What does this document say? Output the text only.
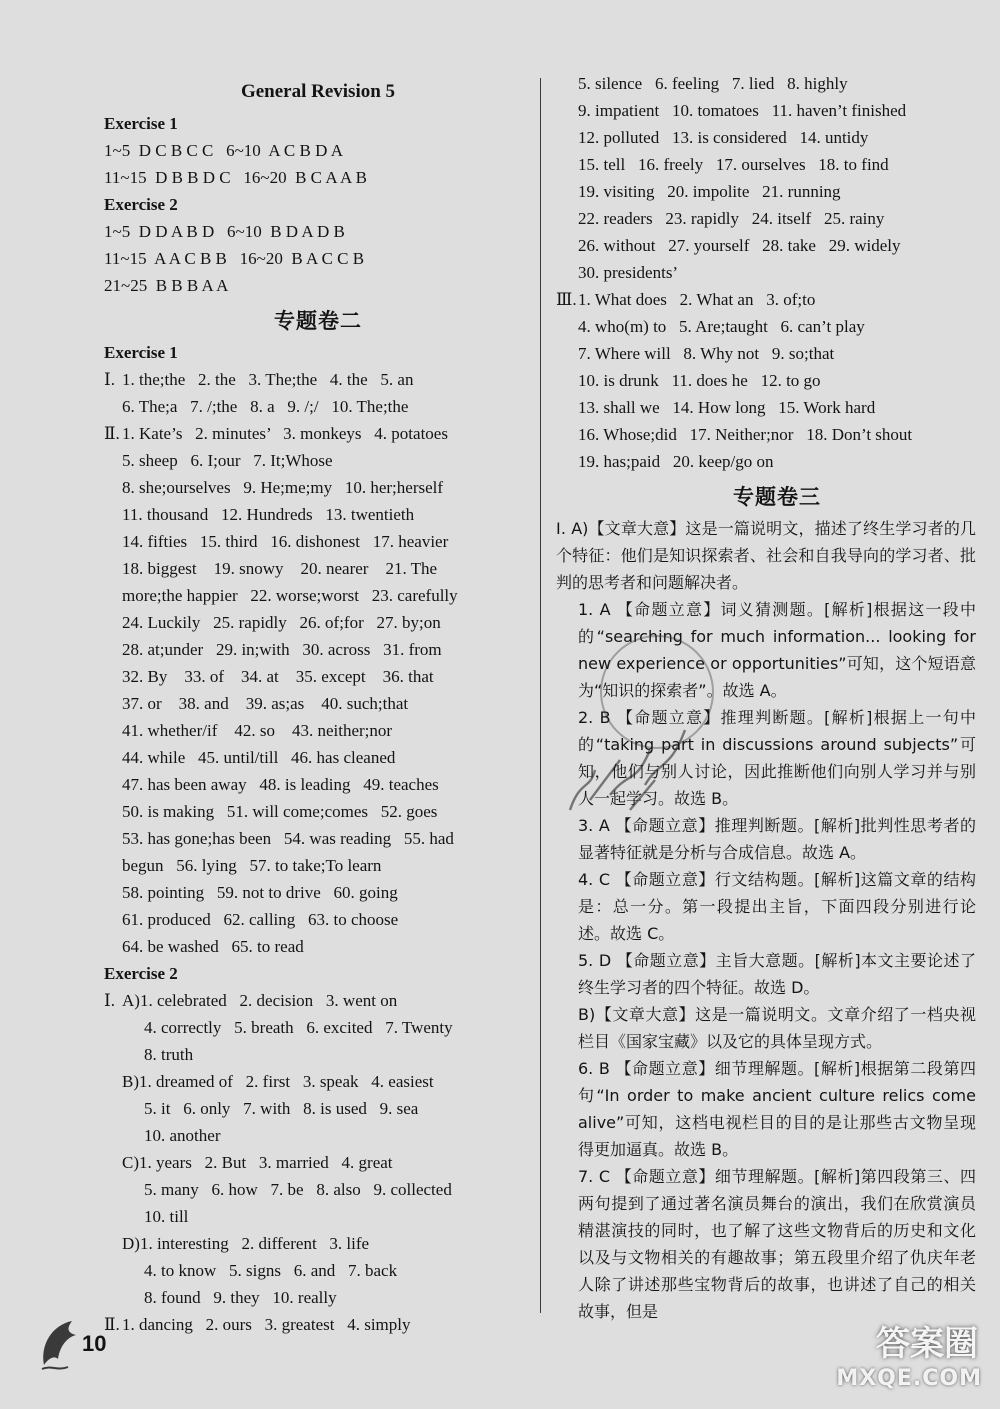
General Revision 5
Exercise 1
1~5  D C B C C   6~10  A C B D A
11~15  D B B D C   16~20  B C A A B
Exercise 2
1~5  D D A B D   6~10  B D A D B
11~15  A A C B B   16~20  B A C C B
21~25  B B B A A
专题卷二
Exercise 1
Ⅰ. 1. the;the   2. the   3. The;the   4. the   5. an
6. The;a   7. /;the   8. a   9. /;/   10. The;the
Ⅱ. 1. Kate’s   2. minutes’   3. monkeys   4. potatoes
5. sheep   6. I;our   7. It;Whose
8. she;ourselves   9. He;me;my   10. her;herself
11. thousand   12. Hundreds   13. twentieth
14. fifties   15. third   16. dishonest   17. heavier
18. biggest    19. snowy    20. nearer    21. The
more;the happier   22. worse;worst   23. carefully
24. Luckily   25. rapidly   26. of;for   27. by;on
28. at;under   29. in;with   30. across   31. from
32. By    33. of    34. at    35. except    36. that
37. or    38. and    39. as;as    40. such;that
41. whether/if    42. so    43. neither;nor
44. while   45. until/till   46. has cleaned
47. has been away   48. is leading   49. teaches
50. is making   51. will come;comes   52. goes
53. has gone;has been   54. was reading   55. had
begun   56. lying   57. to take;To learn
58. pointing   59. not to drive   60. going
61. produced   62. calling   63. to choose
64. be washed   65. to read
Exercise 2
Ⅰ. A)1. celebrated   2. decision   3. went on
4. correctly   5. breath   6. excited   7. Twenty
8. truth
B)1. dreamed of   2. first   3. speak   4. easiest
5. it   6. only   7. with   8. is used   9. sea
10. another
C)1. years   2. But   3. married   4. great
5. many   6. how   7. be   8. also   9. collected
10. till
D)1. interesting   2. different   3. life
4. to know   5. signs   6. and   7. back
8. found   9. they   10. really
Ⅱ. 1. dancing   2. ours   3. greatest   4. simply
5. silence   6. feeling   7. lied   8. highly
9. impatient   10. tomatoes   11. haven’t finished
12. polluted   13. is considered   14. untidy
15. tell   16. freely   17. ourselves   18. to find
19. visiting   20. impolite   21. running
22. readers   23. rapidly   24. itself   25. rainy
26. without   27. yourself   28. take   29. widely
30. presidents’
Ⅲ.1. What does   2. What an   3. of;to
4. who(m) to   5. Are;taught   6. can’t play
7. Where will   8. Why not   9. so;that
10. is drunk   11. does he   12. to go
13. shall we   14. How long   15. Work hard
16. Whose;did   17. Neither;nor   18. Don’t shout
19. has;paid   20. keep/go on
专题卷三

Ⅰ. A)【文章大意】这是一篇说明文，描述了终生学习者的几个特征：他们是知识探索者、社会和自我导向的学习者、批判的思考者和问题解决者。

1. A 【命题立意】词义猜测题。[解析]根据这一段中的“searching for much information... looking for new experience or opportunities”可知，这个短语意为“知识的探索者”。故选 A。

2. B 【命题立意】推理判断题。[解析]根据上一句中的“taking part in discussions around subjects”可知，他们与别人讨论，因此推断他们向别人学习并与别人一起学习。故选 B。

3. A 【命题立意】推理判断题。[解析]批判性思考者的显著特征就是分析与合成信息。故选 A。

4. C 【命题立意】行文结构题。[解析]这篇文章的结构是：总一分。第一段提出主旨，下面四段分别进行论述。故选 C。

5. D 【命题立意】主旨大意题。[解析]本文主要论述了终生学习者的四个特征。故选 D。

B)【文章大意】这是一篇说明文。文章介绍了一档央视栏目《国家宝藏》以及它的具体呈现方式。

6. B 【命题立意】细节理解题。[解析]根据第二段第四句“In order to make ancient culture relics come alive”可知，这档电视栏目的目的是让那些古文物呈现得更加逼真。故选 B。

7. C 【命题立意】细节理解题。[解析]第四段第三、四两句提到了通过著名演员舞台的演出，我们在欣赏演员精湛演技的同时，也了解了这些文物背后的历史和文化以及与文物相关的有趣故事；第五段里介绍了仇庆年老人除了讲述那些宝物背后的故事，也讲述了自己的相关故事，但是

10	答案圈
MXQE.COM
